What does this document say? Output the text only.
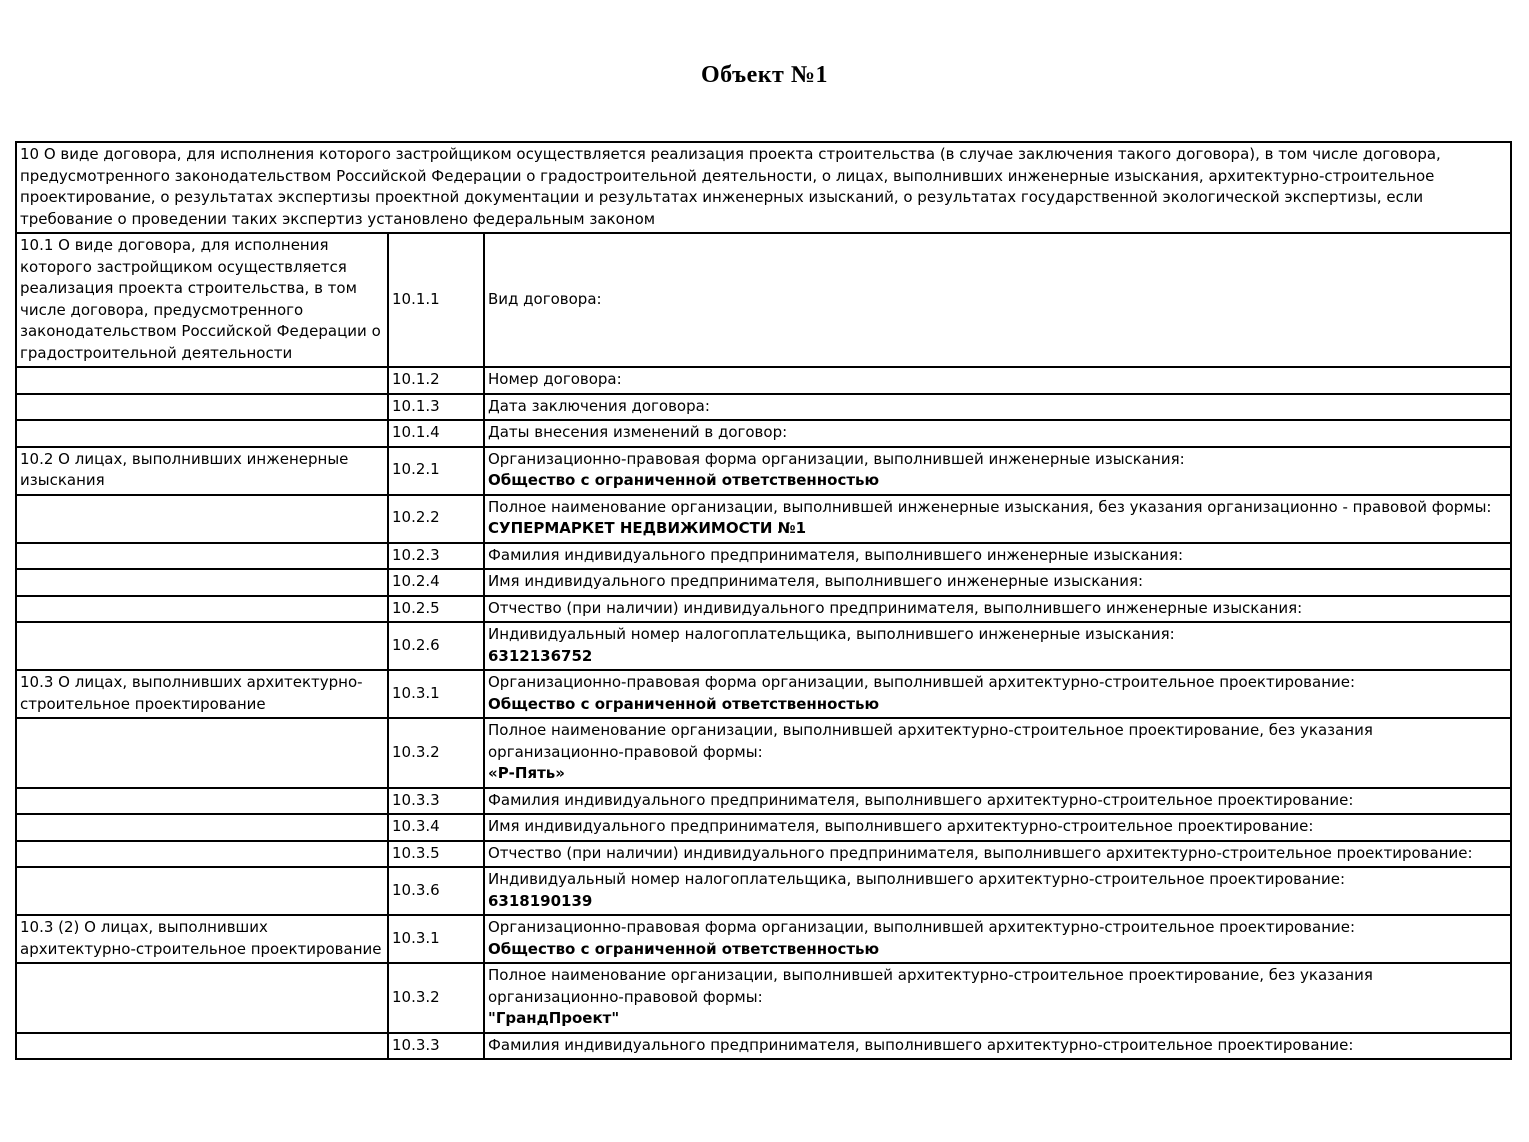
Объект №1
10 О виде договора, для исполнения которого застройщиком осуществляется реализация проекта строительства (в случае заключения такого договора), в том числе договора, предусмотренного законодательством Российской Федерации о градостроительной деятельности, о лицах, выполнивших инженерные изыскания, архитектурно-строительное проектирование, о результатах экспертизы проектной документации и результатах инженерных изысканий, о результатах государственной экологической экспертизы, если требование о проведении таких экспертиз установлено федеральным законом		
10.1 О виде договора, для исполнения которого застройщиком осуществляется реализация проекта строительства, в том числе договора, предусмотренного законодательством Российской Федерации о градостроительной деятельности	10.1.1	Вид договора:

	10.1.2	Номер договора:

	10.1.3	Дата заключения договора:

	10.1.4	Даты внесения изменений в договор:

10.2 О лицах, выполнивших инженерные изыскания	10.2.1	Организационно-правовая форма организации, выполнившей инженерные изыскания:
Общество с ограниченной ответственностью

	10.2.2	Полное наименование организации, выполнившей инженерные изыскания, без указания организационно - правовой формы:
СУПЕРМАРКЕТ НЕДВИЖИМОСТИ №1

	10.2.3	Фамилия индивидуального предпринимателя, выполнившего инженерные изыскания:

	10.2.4	Имя индивидуального предпринимателя, выполнившего инженерные изыскания:

	10.2.5	Отчество (при наличии) индивидуального предпринимателя, выполнившего инженерные изыскания:

	10.2.6	Индивидуальный номер налогоплательщика, выполнившего инженерные изыскания:
6312136752

10.3 О лицах, выполнивших архитектурно-строительное проектирование	10.3.1	Организационно-правовая форма организации, выполнившей архитектурно-строительное проектирование:
Общество с ограниченной ответственностью

	10.3.2	Полное наименование организации, выполнившей архитектурно-строительное проектирование, без указания организационно-правовой формы:
«Р-Пять»

	10.3.3	Фамилия индивидуального предпринимателя, выполнившего архитектурно-строительное проектирование:

	10.3.4	Имя индивидуального предпринимателя, выполнившего архитектурно-строительное проектирование:

	10.3.5	Отчество (при наличии) индивидуального предпринимателя, выполнившего архитектурно-строительное проектирование:

	10.3.6	Индивидуальный номер налогоплательщика, выполнившего архитектурно-строительное проектирование:
6318190139

10.3 (2) О лицах, выполнивших архитектурно-строительное проектирование	10.3.1	Организационно-правовая форма организации, выполнившей архитектурно-строительное проектирование:
Общество с ограниченной ответственностью

	10.3.2	Полное наименование организации, выполнившей архитектурно-строительное проектирование, без указания организационно-правовой формы:
"ГрандПроект"

	10.3.3	Фамилия индивидуального предпринимателя, выполнившего архитектурно-строительное проектирование:
